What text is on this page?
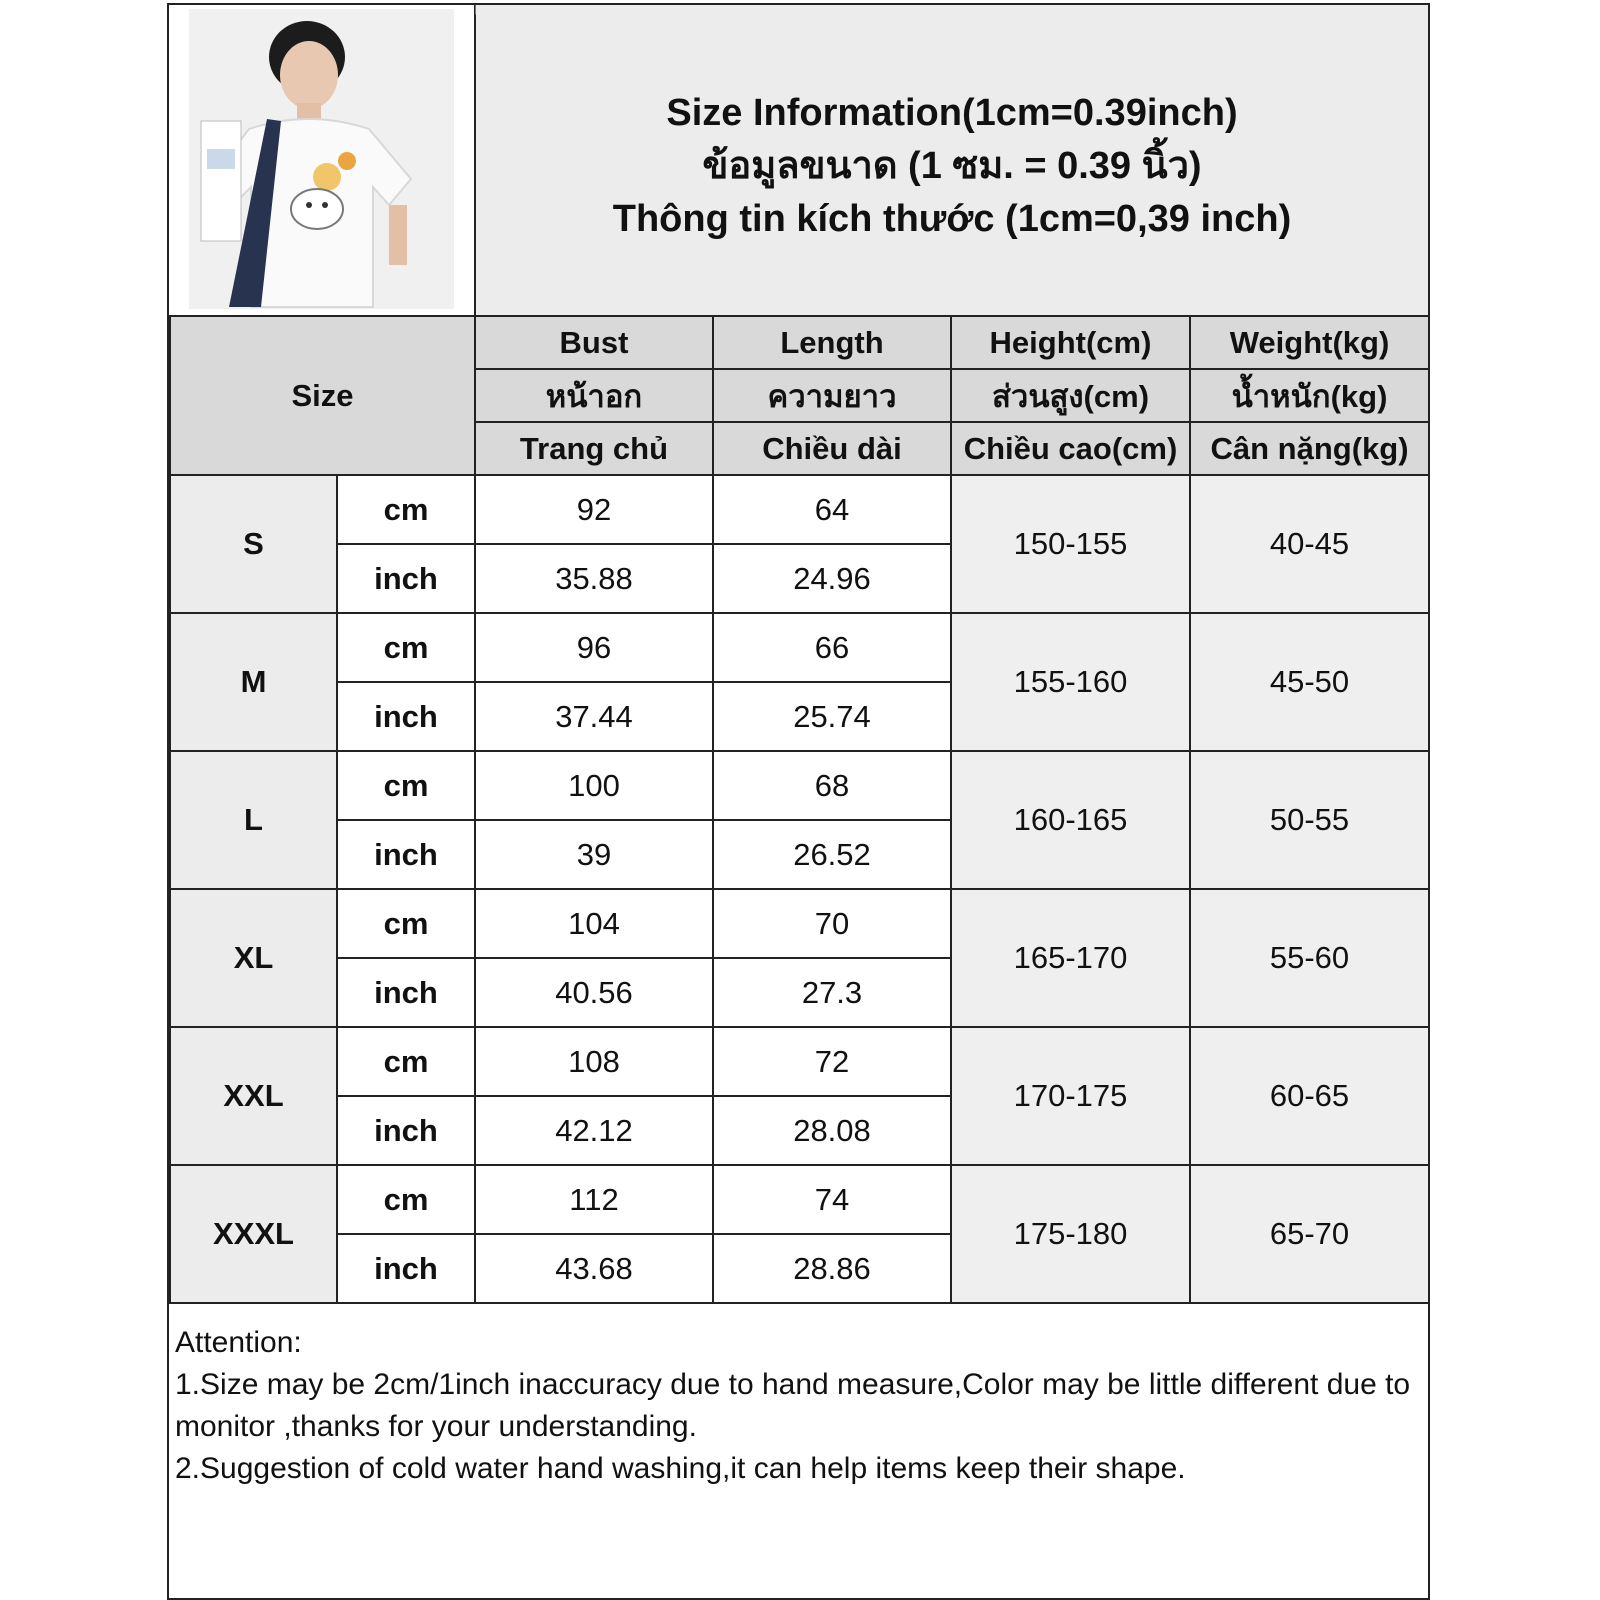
Size Information(1cm=0.39inch)
ข้อมูลขนาด (1 ซม. = 0.39 นิ้ว)
Thông tin kích thước (1cm=0,39 inch)
Size		Bust	Length	Height(cm)	Weight(kg)
		หน้าอก	ความยาว	ส่วนสูง(cm)	น้ำหนัก(kg)
		Trang chủ	Chiều dài	Chiều cao(cm)	Cân nặng(kg)
S	cm	92	64	150-155	40-45
	inch	35.88	24.96		
M	cm	96	66	155-160	45-50
	inch	37.44	25.74		
L	cm	100	68	160-165	50-55
	inch	39	26.52		
XL	cm	104	70	165-170	55-60
	inch	40.56	27.3		
XXL	cm	108	72	170-175	60-65
	inch	42.12	28.08		
XXXL	cm	112	74	175-180	65-70
	inch	43.68	28.86		
Attention:
1.Size may be 2cm/1inch inaccuracy due to hand measure,Color may be little different due to monitor ,thanks for your understanding.
2.Suggestion of cold water hand washing,it can help items keep their shape.
